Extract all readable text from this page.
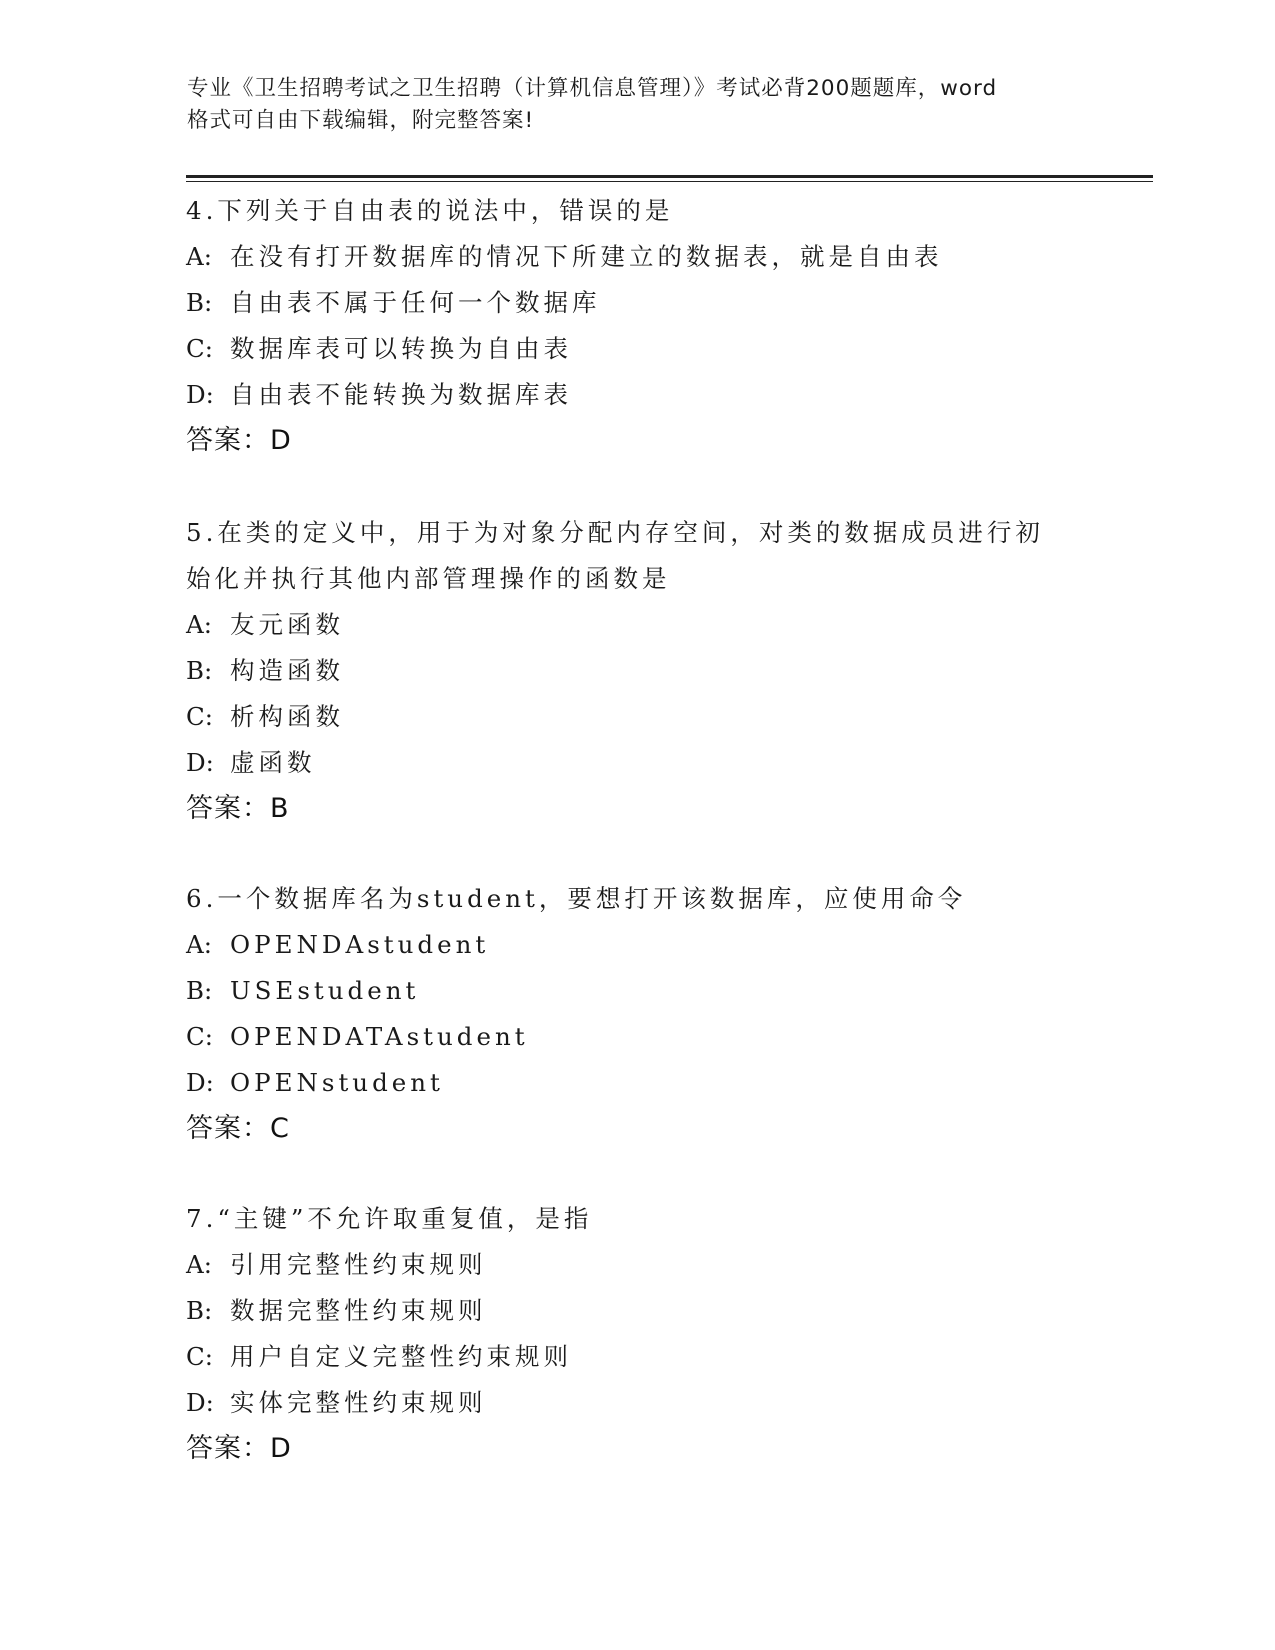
专业《卫生招聘考试之卫生招聘（计算机信息管理）》考试必背200题题库，word
格式可自由下载编辑，附完整答案!
4.下列关于自由表的说法中，错误的是
A: 在没有打开数据库的情况下所建立的数据表，就是自由表
B: 自由表不属于任何一个数据库
C: 数据库表可以转换为自由表
D: 自由表不能转换为数据库表
答案：D
5.在类的定义中，用于为对象分配内存空间，对类的数据成员进行初
始化并执行其他内部管理操作的函数是
A: 友元函数
B: 构造函数
C: 析构函数
D: 虚函数
答案：B
6.一个数据库名为student，要想打开该数据库，应使用命令
A: OPENDAstudent
B: USEstudent
C: OPENDATAstudent
D: OPENstudent
答案：C
7.“主键”不允许取重复值，是指
A: 引用完整性约束规则
B: 数据完整性约束规则
C: 用户自定义完整性约束规则
D: 实体完整性约束规则
答案：D
